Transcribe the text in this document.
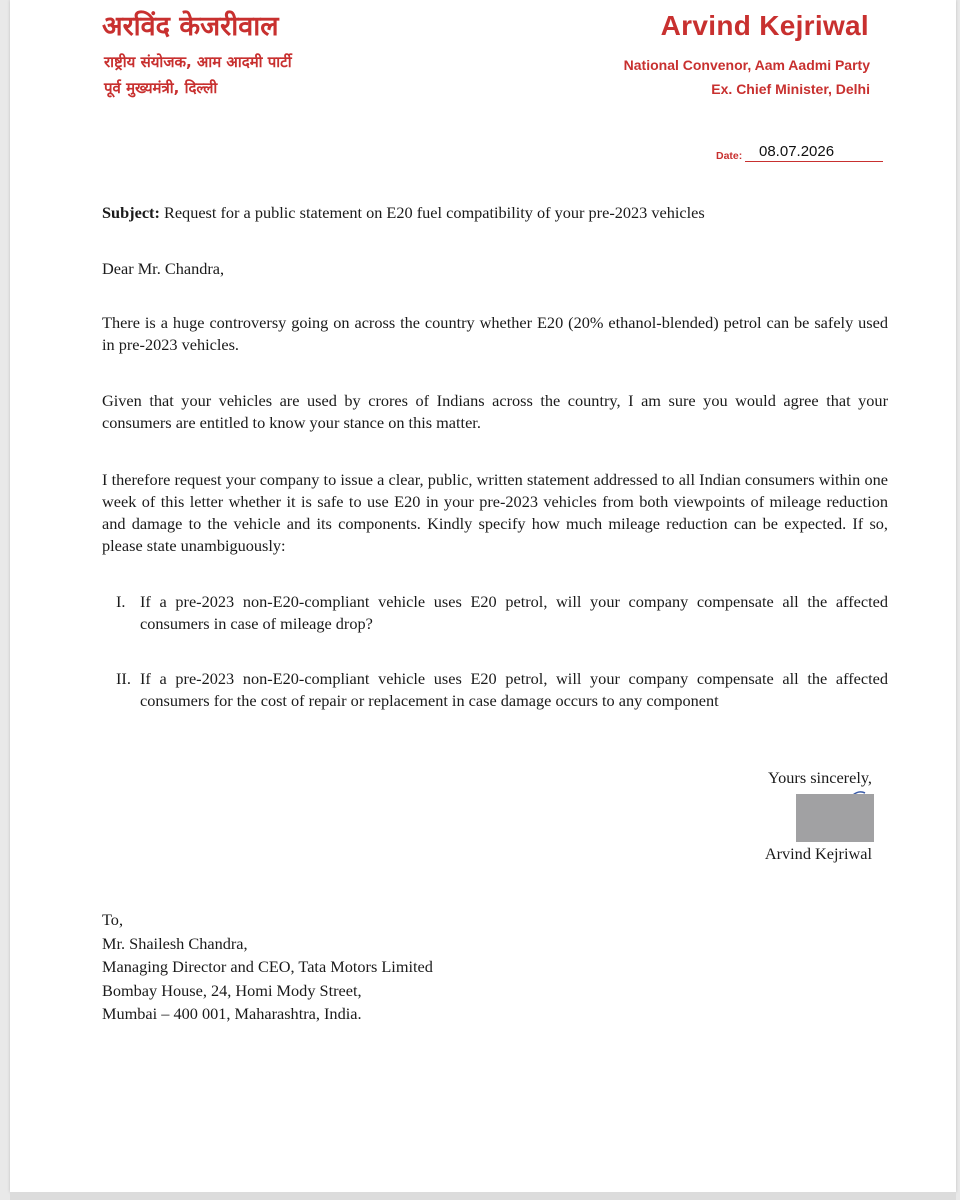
अरविंद केजरीवाल

राष्ट्रीय संयोजक, आम आदमी पार्टी

पूर्व मुख्यमंत्री, दिल्ली

Arvind Kejriwal

National Convenor, Aam Aadmi Party

Ex. Chief Minister, Delhi

Date:	08.07.2026

Subject: Request for a public statement on E20 fuel compatibility of your pre-2023 vehicles

Dear Mr. Chandra,

There is a huge controversy going on across the country whether E20 (20% ethanol-blended) petrol can be safely used in pre-2023 vehicles.

Given that your vehicles are used by crores of Indians across the country, I am sure you would agree that your consumers are entitled to know your stance on this matter.

I therefore request your company to issue a clear, public, written statement addressed to all Indian consumers within one week of this letter whether it is safe to use E20 in your pre-2023 vehicles from both viewpoints of mileage reduction and damage to the vehicle and its components. Kindly specify how much mileage reduction can be expected. If so, please state unambiguously:

I. If a pre-2023 non-E20-compliant vehicle uses E20 petrol, will your company compensate all the affected consumers in case of mileage drop?
II. If a pre-2023 non-E20-compliant vehicle uses E20 petrol, will your company compensate all the affected consumers for the cost of repair or replacement in case damage occurs to any component

Yours sincerely,

Arvind Kejriwal

To,
Mr. Shailesh Chandra,
Managing Director and CEO, Tata Motors Limited
Bombay House, 24, Homi Mody Street,
Mumbai – 400 001, Maharashtra, India.
